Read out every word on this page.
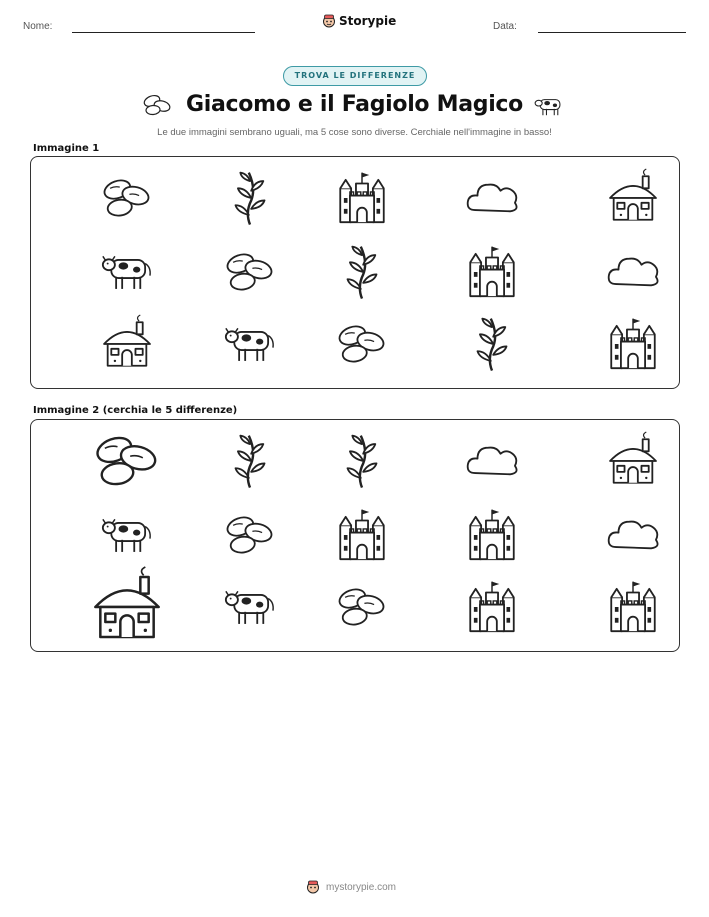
Nome:	Storypie	Data:
TROVA LE DIFFERENZE
Giacomo e il Fagiolo Magico
Le due immagini sembrano uguali, ma 5 cose sono diverse. Cerchiale nell'immagine in basso!
Immagine 1
Immagine 2 (cerchia le 5 differenze)
mystorypie.com
